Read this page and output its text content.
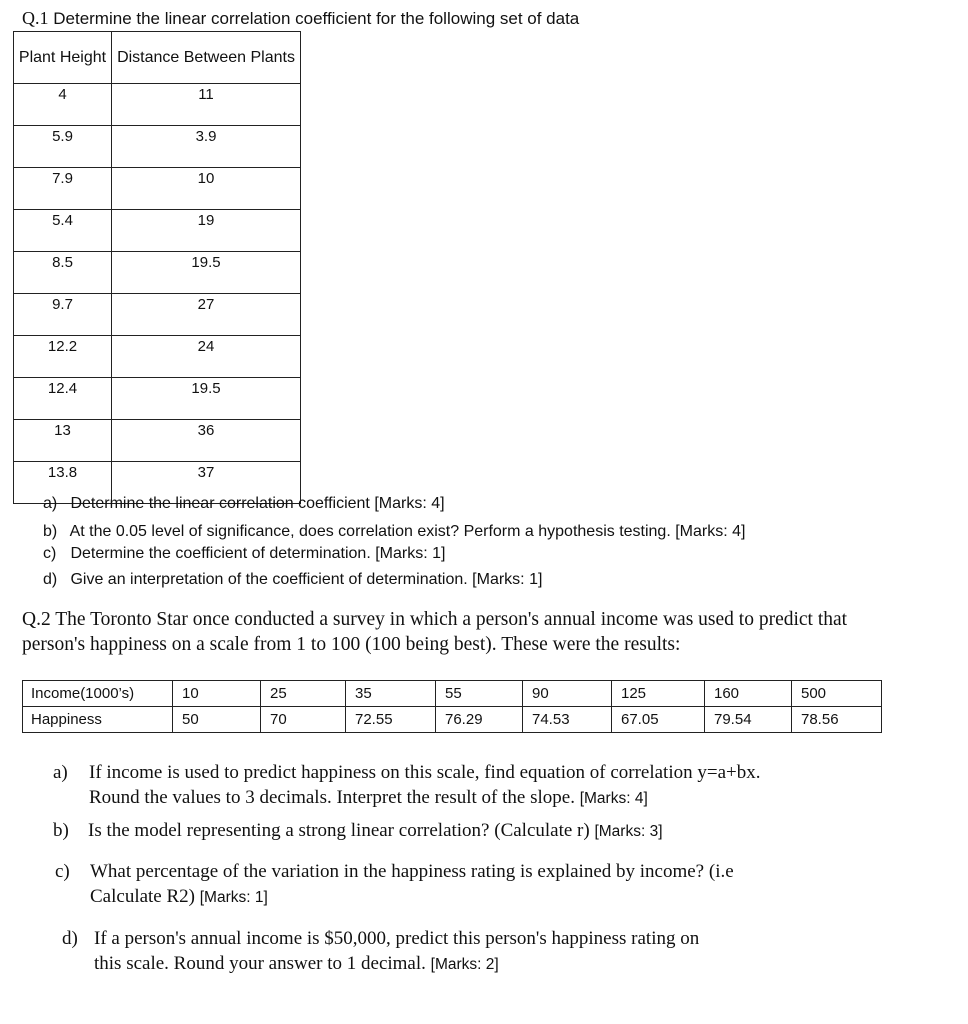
Q.1 Determine the linear correlation coefficient for the following set of data
Plant Height	Distance Between Plants
4	11
5.9	3.9
7.9	10
5.4	19
8.5	19.5
9.7	27
12.2	24
12.4	19.5
13	36
13.8	37
a) Determine the linear correlation coefficient [Marks: 4]
b) At the 0.05 level of significance, does correlation exist? Perform a hypothesis testing. [Marks: 4]
c) Determine the coefficient of determination. [Marks: 1]
d) Give an interpretation of the coefficient of determination. [Marks: 1]
Q.2 The Toronto Star once conducted a survey in which a person's annual income was used to predict that person's happiness on a scale from 1 to 100 (100 being best). These were the results:
Income(1000’s)	10	25	35	55	90	125	160	500
Happiness	50	70	72.55	76.29	74.53	67.05	79.54	78.56
a) If income is used to predict happiness on this scale, find equation of correlation y=a+bx.
Round the values to 3 decimals. Interpret the result of the slope. [Marks: 4]
b) Is the model representing a strong linear correlation? (Calculate r) [Marks: 3]
c) What percentage of the variation in the happiness rating is explained by income? (i.e
Calculate R2) [Marks: 1]
d) If a person's annual income is $50,000, predict this person's happiness rating on
this scale. Round your answer to 1 decimal. [Marks: 2]
